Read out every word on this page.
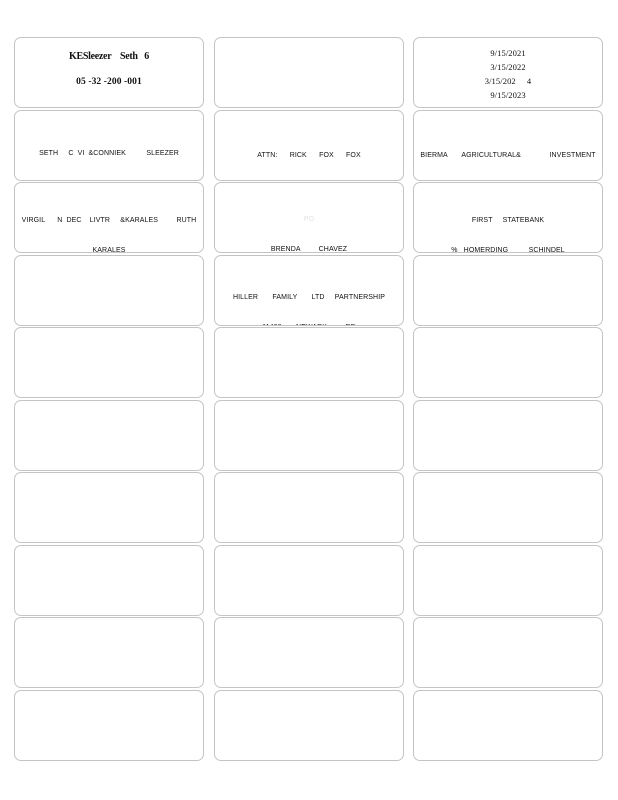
KESleezer    Seth   6
05 -32 -200 -001
9/15/2021
3/15/2022
3/15/202     4
9/15/2023

SETH     C  VI  &CONNIEK          SLEEZER

	ATTN:      RICK      FOX      FOX

	BIERMA       AGRICULTURAL&              INVESTMENT

VIRGIL      N  DEC    LIVTR     &KARALES         RUTH

KARALES

PO

BRENDA         CHAVEZ

FIRST     STATEBANK

%   HOMERDING          SCHINDEL

HILLER       FAMILY       LTD     PARTNERSHIP
